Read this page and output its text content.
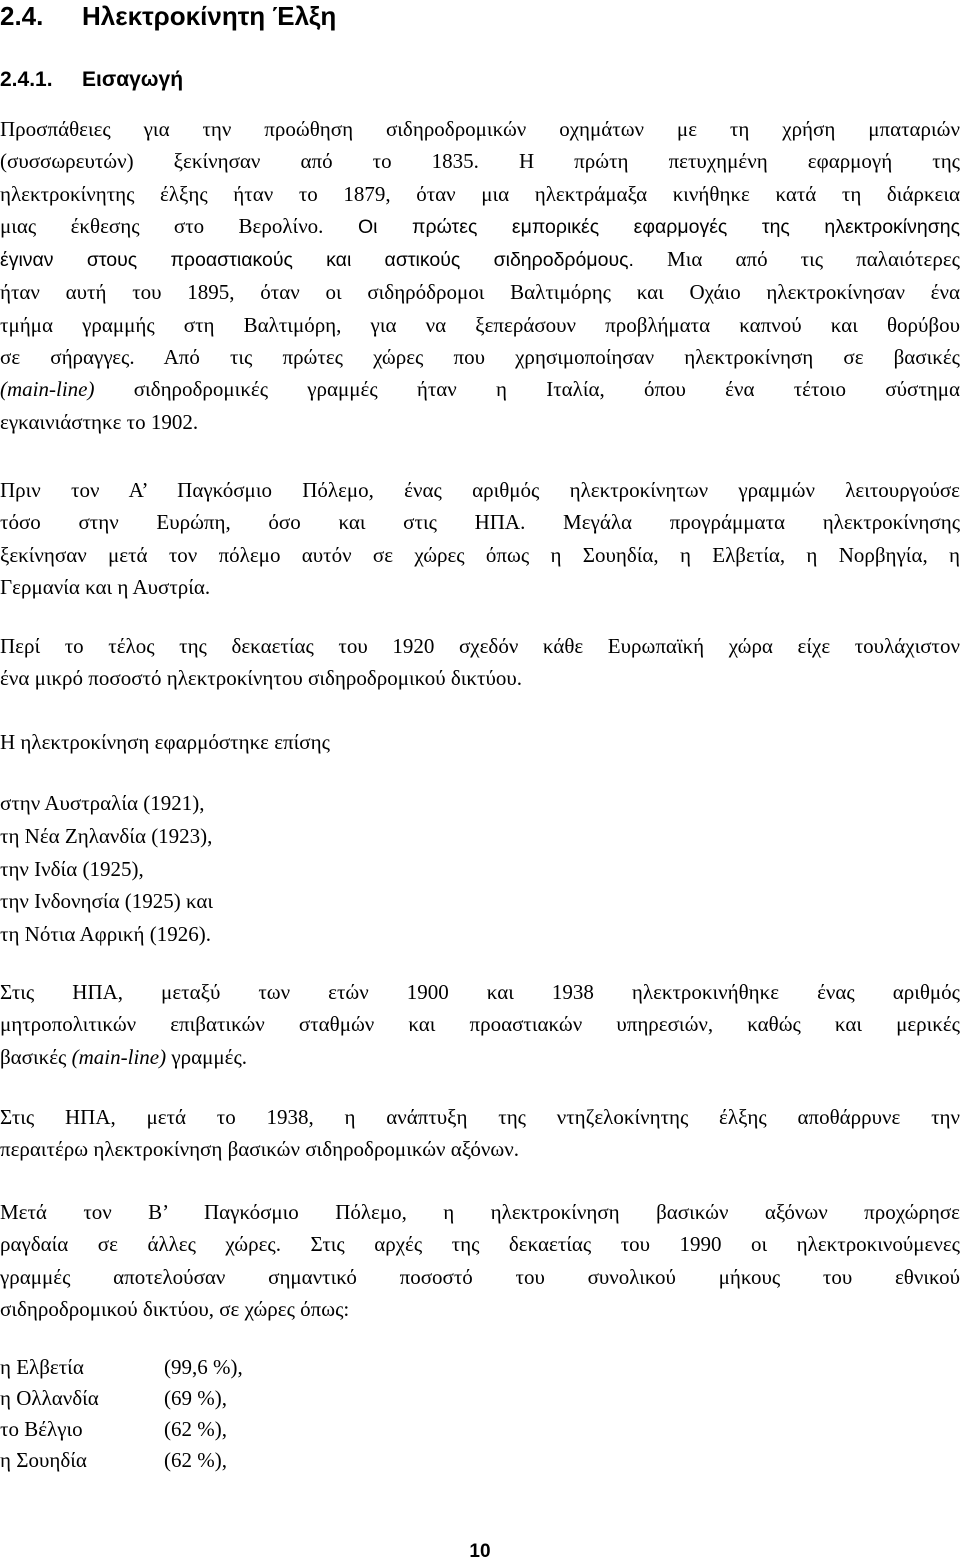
2.4. Ηλεκτροκίνητη Έλξη
2.4.1. Εισαγωγή

Προσπάθειες για την προώθηση σιδηροδρομικών οχημάτων με τη χρήση μπαταριών
(συσσωρευτών) ξεκίνησαν από το 1835. Η πρώτη πετυχημένη εφαρμογή της
ηλεκτροκίνητης έλξης ήταν το 1879, όταν μια ηλεκτράμαξα κινήθηκε κατά τη διάρκεια
μιας έκθεσης στο Βερολίνο. Οι πρώτες εμπορικές εφαρμογές της ηλεκτροκίνησης
έγιναν στους προαστιακούς και αστικούς σιδηροδρόμους. Μια από τις παλαιότερες
ήταν αυτή του 1895, όταν οι σιδηρόδρομοι Βαλτιμόρης και Οχάιο ηλεκτροκίνησαν ένα
τμήμα γραμμής στη Βαλτιμόρη, για να ξεπεράσουν προβλήματα καπνού και θορύβου
σε σήραγγες. Από τις πρώτες χώρες που χρησιμοποίησαν ηλεκτροκίνηση σε βασικές
(main-line) σιδηροδρομικές γραμμές ήταν η Ιταλία, όπου ένα τέτοιο σύστημα
εγκαινιάστηκε το 1902.

Πριν τον Α’ Παγκόσμιο Πόλεμο, ένας αριθμός ηλεκτροκίνητων γραμμών λειτουργούσε
τόσο στην Ευρώπη, όσο και στις ΗΠΑ. Μεγάλα προγράμματα ηλεκτροκίνησης
ξεκίνησαν μετά τον πόλεμο αυτόν σε χώρες όπως η Σουηδία, η Ελβετία, η Νορβηγία, η
Γερμανία και η Αυστρία.

Περί το τέλος της δεκαετίας του 1920 σχεδόν κάθε Ευρωπαϊκή χώρα είχε τουλάχιστον
ένα μικρό ποσοστό ηλεκτροκίνητου σιδηροδρομικού δικτύου.

Η ηλεκτροκίνηση εφαρμόστηκε επίσης

στην Αυστραλία (1921),
τη Νέα Ζηλανδία (1923),
την Ινδία (1925),
την Ινδονησία (1925) και
τη Νότια Αφρική (1926).

Στις ΗΠΑ, μεταξύ των ετών 1900 και 1938 ηλεκτροκινήθηκε ένας αριθμός
μητροπολιτικών επιβατικών σταθμών και προαστιακών υπηρεσιών, καθώς και μερικές
βασικές (main-line) γραμμές.

Στις ΗΠΑ, μετά το 1938, η ανάπτυξη της ντηζελοκίνητης έλξης αποθάρρυνε την
περαιτέρω ηλεκτροκίνηση βασικών σιδηροδρομικών αξόνων.

Μετά τον Β’ Παγκόσμιο Πόλεμο, η ηλεκτροκίνηση βασικών αξόνων προχώρησε
ραγδαία σε άλλες χώρες. Στις αρχές της δεκαετίας του 1990 οι ηλεκτροκινούμενες
γραμμές αποτελούσαν σημαντικό ποσοστό του συνολικού μήκους του εθνικού
σιδηροδρομικού δικτύου, σε χώρες όπως:

η Ελβετία	(99,6 %),
η Ολλανδία	(69 %),
το Βέλγιο	(62 %),
η Σουηδία	(62 %),
10
